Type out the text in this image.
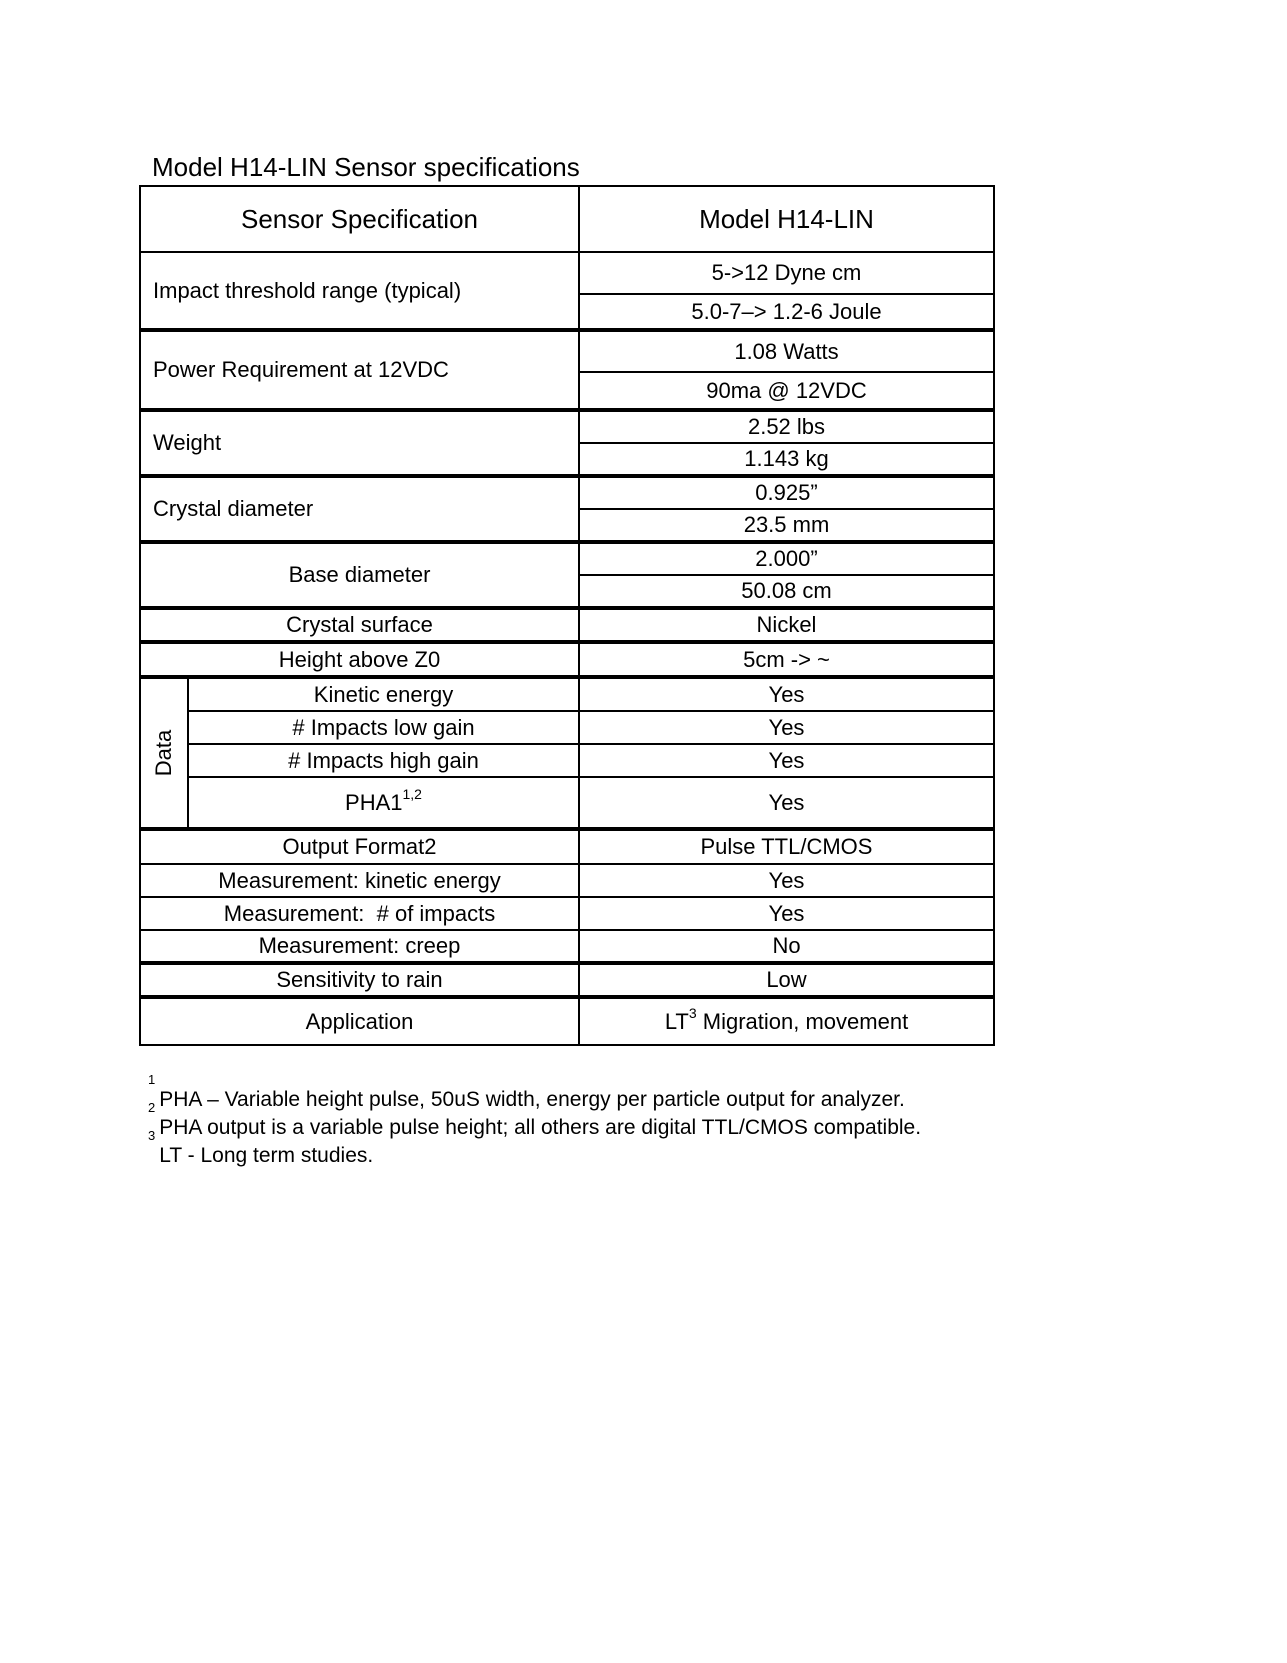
Model H14-LIN Sensor specifications
Sensor Specification		Model H14-LIN
Impact threshold range (typical)		5->12 Dyne cm
		5.0-7–> 1.2-6 Joule
Power Requirement at 12VDC		1.08 Watts
		90ma @ 12VDC
Weight		2.52 lbs
		1.143 kg
Crystal diameter		0.925”
		23.5 mm
Base diameter		2.000”
		50.08 cm
Crystal surface		Nickel
Height above Z0		5cm -> ~
Data	Kinetic energy	Yes
	# Impacts low gain	Yes
	# Impacts high gain	Yes
	PHA1$^{1,2}$	Yes
Output Format2		Pulse TTL/CMOS
Measurement: kinetic energy		Yes
Measurement:  # of impacts		Yes
Measurement: creep		No
Sensitivity to rain		Low
Application		$LT^3$ Migration, movement
$^1$PHA – Variable height pulse, 50uS width, energy per particle output for analyzer.
$^2$PHA output is a variable pulse height; all others are digital TTL/CMOS compatible.
$^3$LT - Long term studies.
